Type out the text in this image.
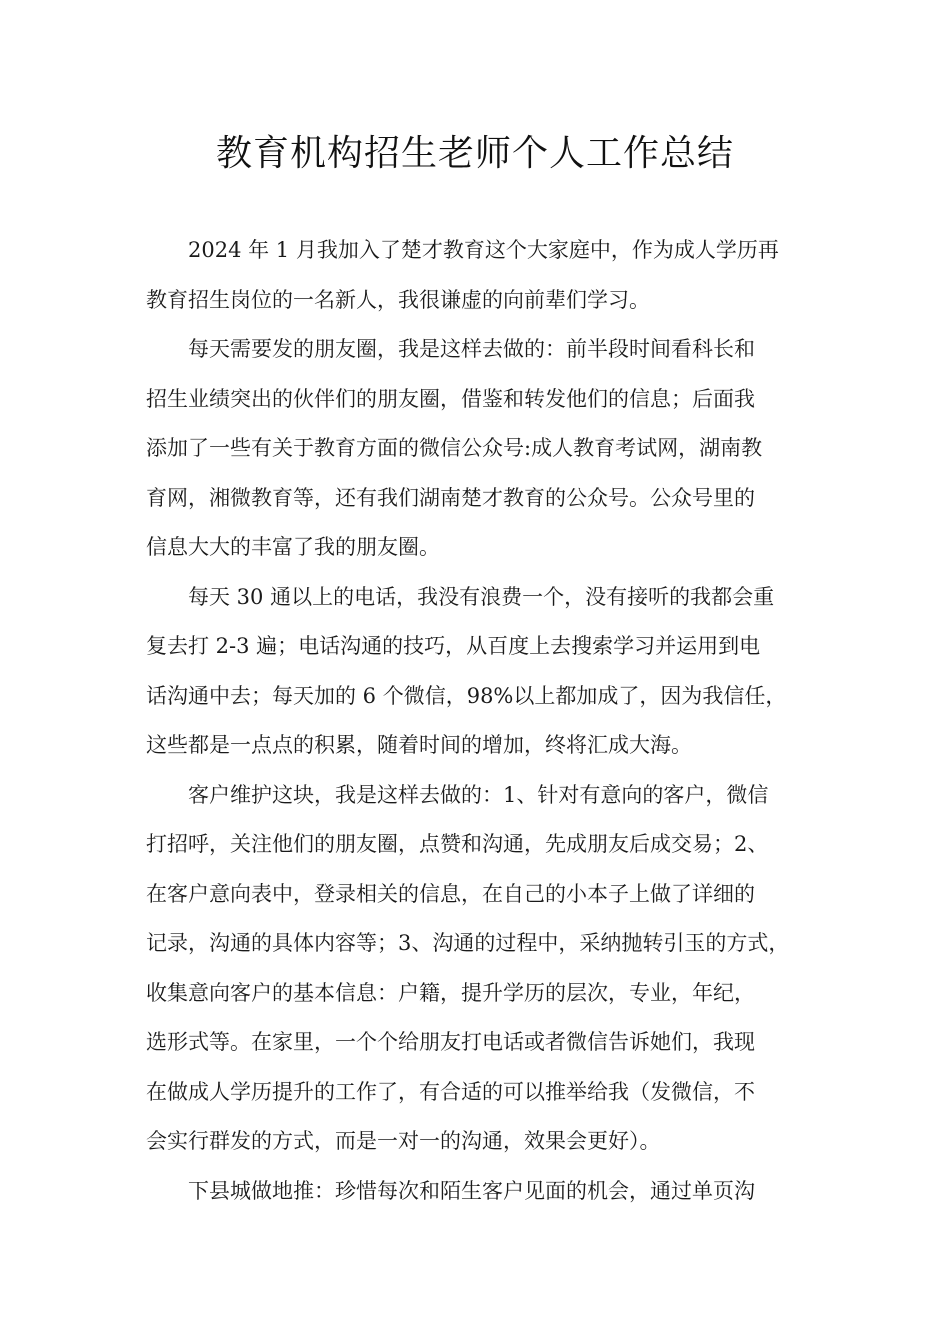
教育机构招生老师个人工作总结

2024 年 1 月我加入了楚才教育这个大家庭中，作为成人学历再

教育招生岗位的一名新人，我很谦虚的向前辈们学习。

每天需要发的朋友圈，我是这样去做的：前半段时间看科长和

招生业绩突出的伙伴们的朋友圈，借鉴和转发他们的信息；后面我

添加了一些有关于教育方面的微信公众号:成人教育考试网，湖南教

育网，湘微教育等，还有我们湖南楚才教育的公众号。公众号里的

信息大大的丰富了我的朋友圈。

每天 30 通以上的电话，我没有浪费一个，没有接听的我都会重

复去打 2-3 遍；电话沟通的技巧，从百度上去搜索学习并运用到电

话沟通中去；每天加的 6 个微信，98%以上都加成了，因为我信任，

这些都是一点点的积累，随着时间的增加，终将汇成大海。

客户维护这块，我是这样去做的：1、针对有意向的客户，微信

打招呼，关注他们的朋友圈，点赞和沟通，先成朋友后成交易；2、

在客户意向表中，登录相关的信息，在自己的小本子上做了详细的

记录，沟通的具体内容等；3、沟通的过程中，采纳抛转引玉的方式，

收集意向客户的基本信息：户籍，提升学历的层次，专业，年纪，

选形式等。在家里，一个个给朋友打电话或者微信告诉她们，我现

在做成人学历提升的工作了，有合适的可以推举给我（发微信，不

会实行群发的方式，而是一对一的沟通，效果会更好）。

下县城做地推：珍惜每次和陌生客户见面的机会，通过单页沟
